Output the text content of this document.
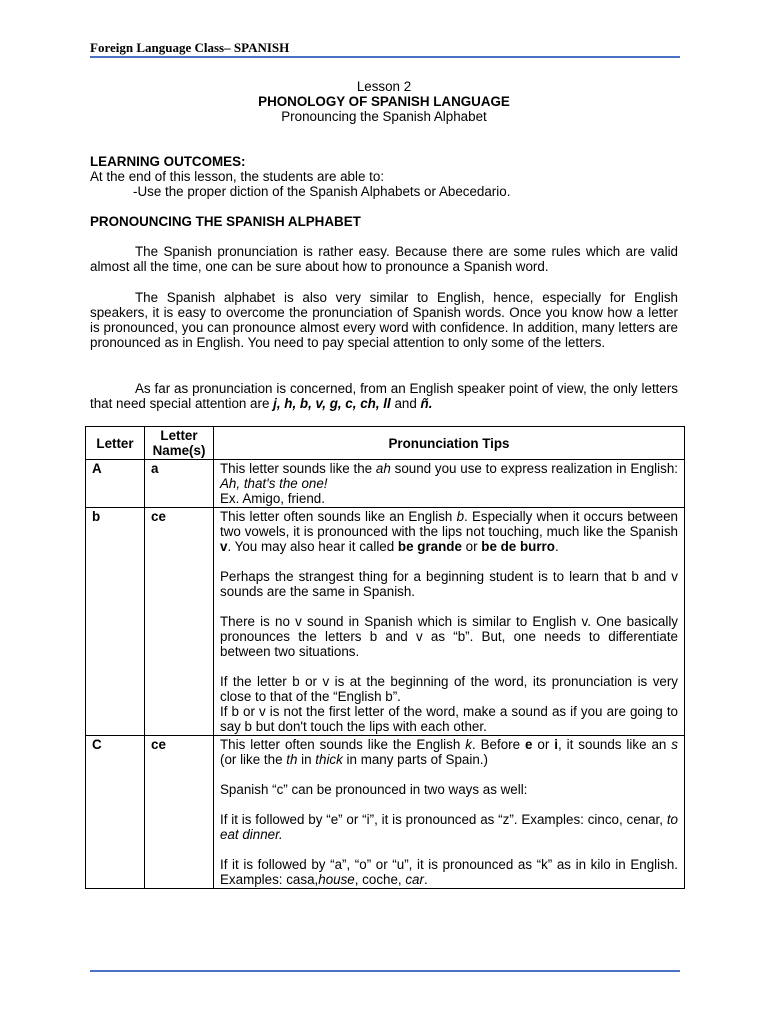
Foreign Language Class– SPANISH
Lesson 2
PHONOLOGY OF SPANISH LANGUAGE
Pronouncing the Spanish Alphabet
LEARNING OUTCOMES:
At the end of this lesson, the students are able to:
-Use the proper diction of the Spanish Alphabets or Abecedario.
PRONOUNCING THE SPANISH ALPHABET
The Spanish pronunciation is rather easy. Because there are some rules which are valid almost all the time, one can be sure about how to pronounce a Spanish word.
The Spanish alphabet is also very similar to English, hence, especially for English speakers, it is easy to overcome the pronunciation of Spanish words. Once you know how a letter is pronounced, you can pronounce almost every word with confidence. In addition, many letters are pronounced as in English. You need to pay special attention to only some of the letters.
As far as pronunciation is concerned, from an English speaker point of view, the only letters that need special attention are j, h, b, v, g, c, ch, ll and ñ.
Letter	Letter Name(s)	Pronunciation Tips
A	a	This letter sounds like the ah sound you use to express realization in English: Ah, that's the one!
Ex. Amigo, friend.

b	ce	This letter often sounds like an English b. Especially when it occurs between two vowels, it is pronounced with the lips not touching, much like the Spanish v. You may also hear it called be grande or be de burro.
Perhaps the strangest thing for a beginning student is to learn that b and v sounds are the same in Spanish.
There is no v sound in Spanish which is similar to English v. One basically pronounces the letters b and v as “b”. But, one needs to differentiate between two situations.
If the letter b or v is at the beginning of the word, its pronunciation is very close to that of the “English b”.
If b or v is not the first letter of the word, make a sound as if you are going to say b but don't touch the lips with each other.

C	ce	This letter often sounds like the English k. Before e or i, it sounds like an s (or like the th in thick in many parts of Spain.)
Spanish “c” can be pronounced in two ways as well:
If it is followed by “e” or “i”, it is pronounced as “z”. Examples: cinco, cenar, to eat dinner.
If it is followed by “a”, “o” or “u”, it is pronounced as “k” as in kilo in English. Examples: casa,house, coche, car.
